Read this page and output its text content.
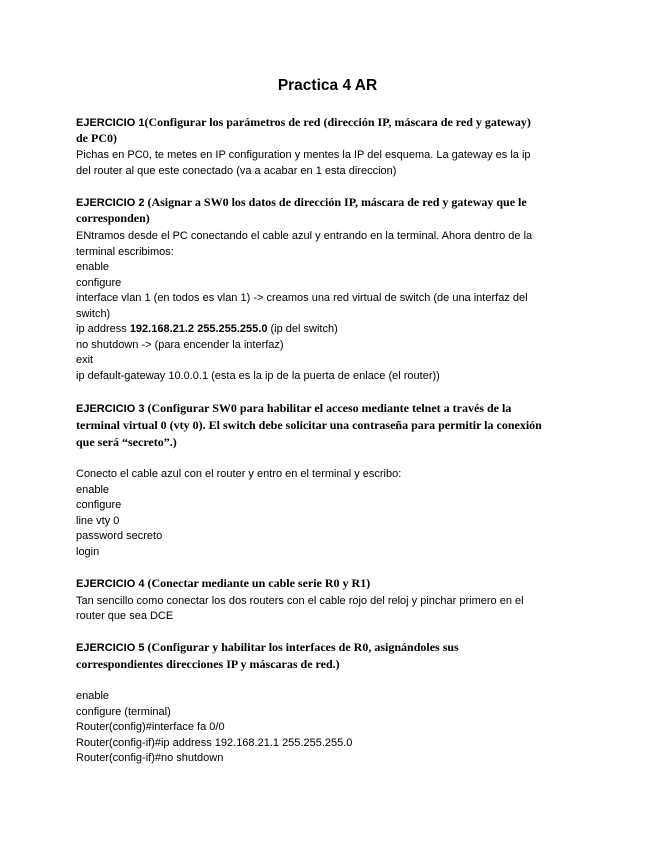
Practica 4 AR
EJERCICIO 1(Configurar los parámetros de red (dirección IP, máscara de red y gateway)
de PC0)
Pichas en PC0, te metes en IP configuration y mentes la IP del esquema. La gateway es la ip
del router al que este conectado (va a acabar en 1 esta direccion)
EJERCICIO 2 (Asignar a SW0 los datos de dirección IP, máscara de red y gateway que le
corresponden)
ENtramos desde el PC conectando el cable azul y entrando en la terminal. Ahora dentro de la
terminal escribimos:
enable
configure
interface vlan 1 (en todos es vlan 1) -> creamos una red virtual de switch (de una interfaz del
switch)
ip address 192.168.21.2 255.255.255.0 (ip del switch)
no shutdown -> (para encender la interfaz)
exit
ip default-gateway 10.0.0.1 (esta es la ip de la puerta de enlace (el router))
EJERCICIO 3 (Configurar SW0 para habilitar el acceso mediante telnet a través de la
terminal virtual 0 (vty 0). El switch debe solicitar una contraseña para permitir la conexión
que será “secreto”.)
Conecto el cable azul con el router y entro en el terminal y escribo:
enable
configure
line vty 0
password secreto
login
EJERCICIO 4 (Conectar mediante un cable serie R0 y R1)
Tan sencillo como conectar los dos routers con el cable rojo del reloj y pinchar primero en el
router que sea DCE
EJERCICIO 5 (Configurar y habilitar los interfaces de R0, asignándoles sus
correspondientes direcciones IP y máscaras de red.)
enable
configure (terminal)
Router(config)#interface fa 0/0
Router(config-if)#ip address 192.168.21.1 255.255.255.0
Router(config-if)#no shutdown
